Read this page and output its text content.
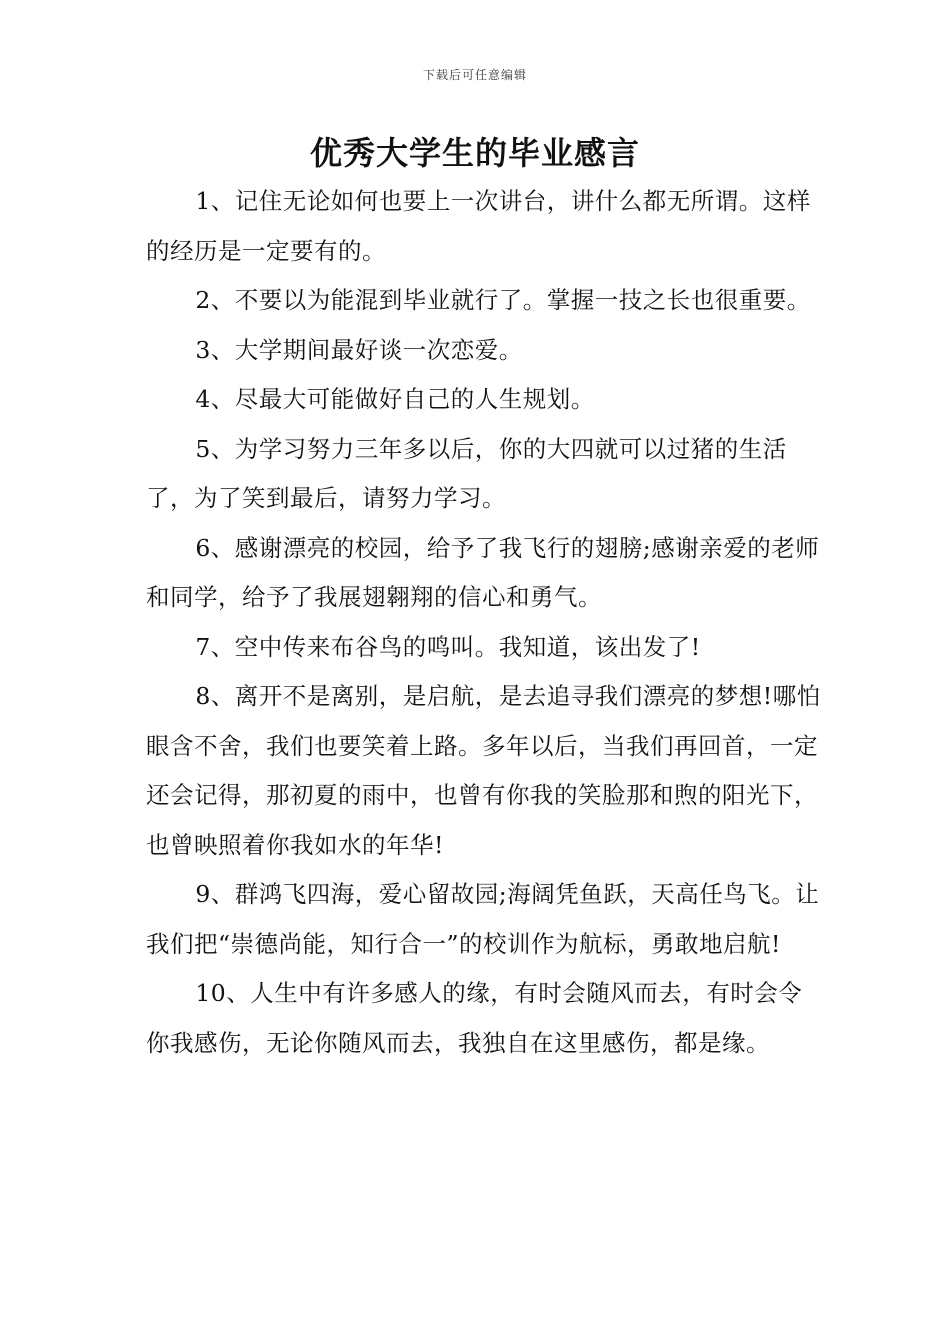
下载后可任意编辑
优秀大学生的毕业感言

1、记住无论如何也要上一次讲台，讲什么都无所谓。这样的经历是一定要有的。

2、不要以为能混到毕业就行了。掌握一技之长也很重要。

3、大学期间最好谈一次恋爱。

4、尽最大可能做好自己的人生规划。

5、为学习努力三年多以后，你的大四就可以过猪的生活了，为了笑到最后，请努力学习。

6、感谢漂亮的校园，给予了我飞行的翅膀;感谢亲爱的老师和同学，给予了我展翅翱翔的信心和勇气。

7、空中传来布谷鸟的鸣叫。我知道，该出发了!

8、离开不是离别，是启航，是去追寻我们漂亮的梦想!哪怕眼含不舍，我们也要笑着上路。多年以后，当我们再回首，一定还会记得，那初夏的雨中，也曾有你我的笑脸那和煦的阳光下，也曾映照着你我如水的年华!

9、群鸿飞四海，爱心留故园;海阔凭鱼跃，天高任鸟飞。让我们把“崇德尚能，知行合一”的校训作为航标，勇敢地启航!

10、人生中有许多感人的缘，有时会随风而去，有时会令你我感伤，无论你随风而去，我独自在这里感伤，都是缘。
